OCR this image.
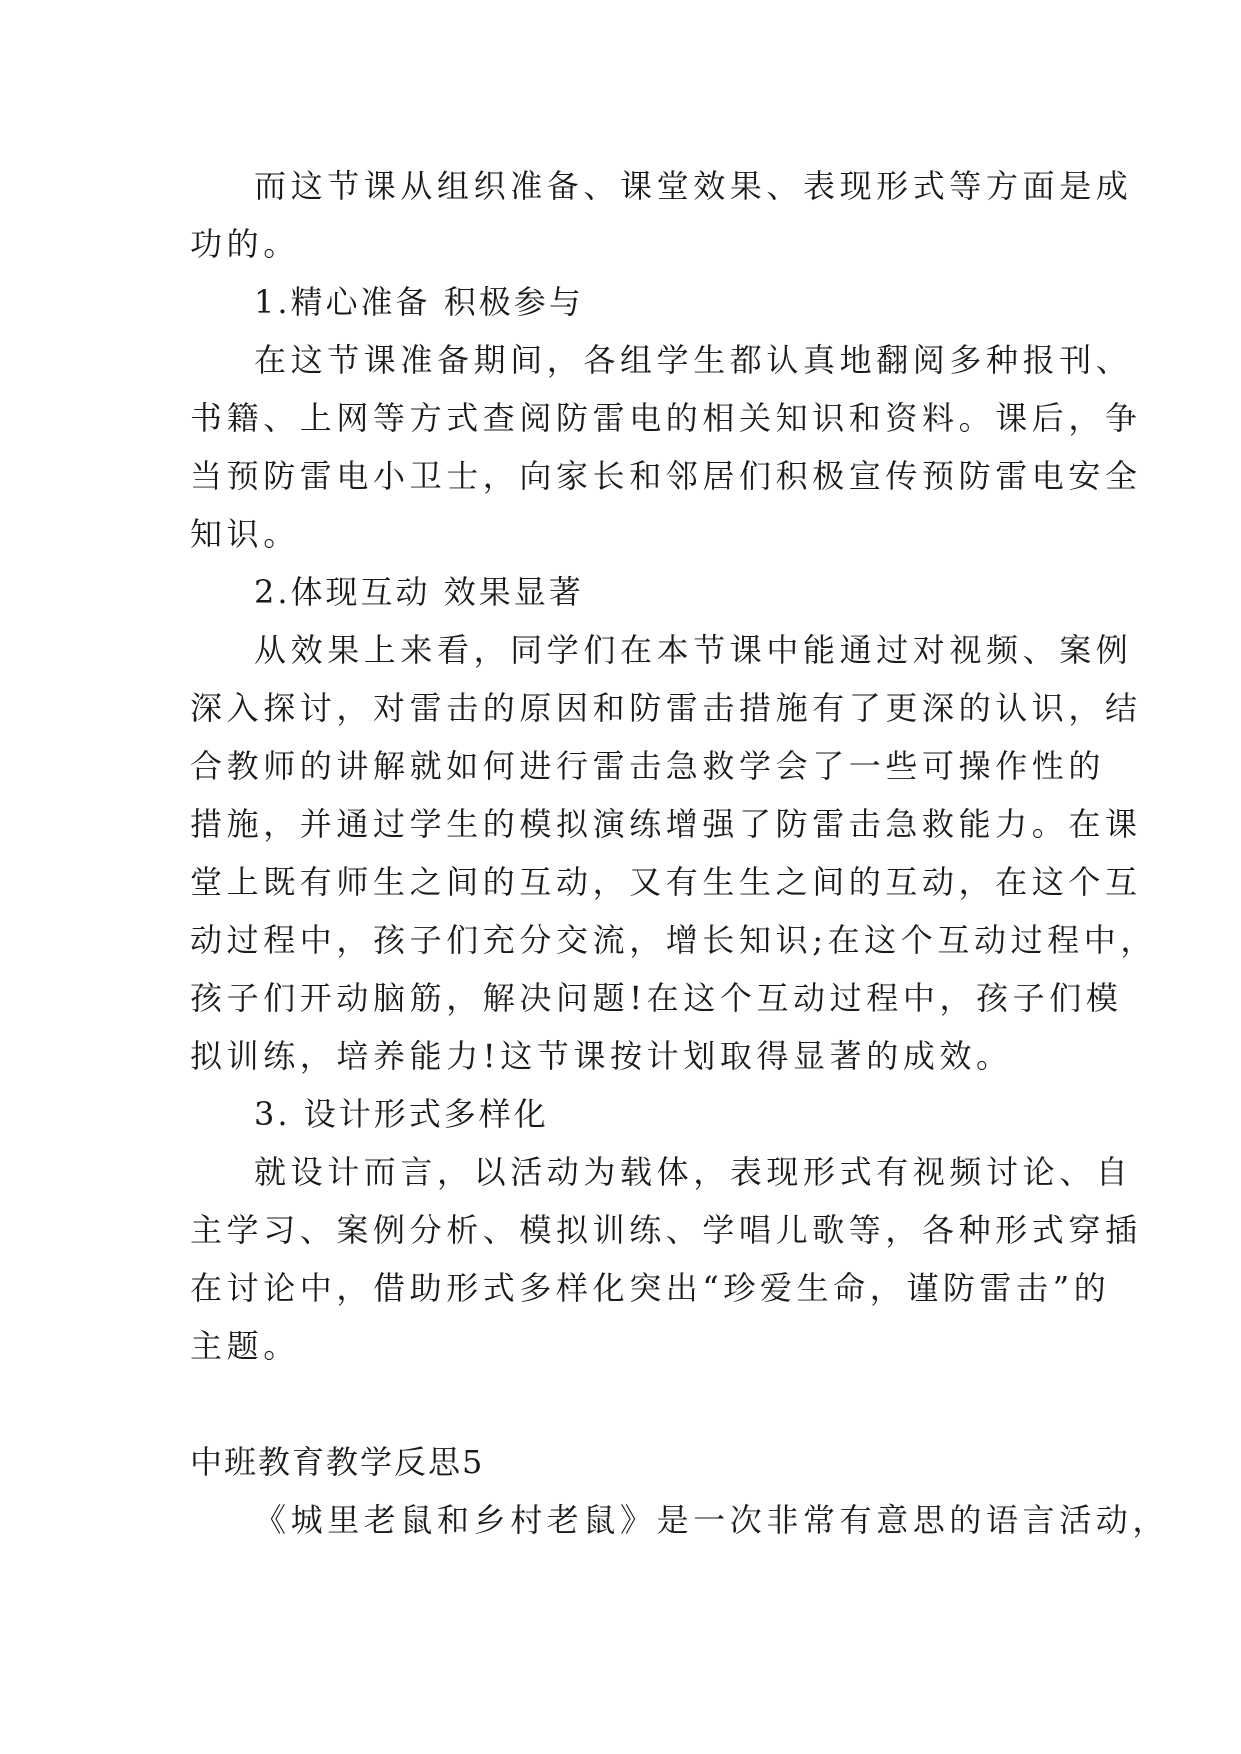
而这节课从组织准备、课堂效果、表现形式等方面是成
功的。
1.精心准备 积极参与
在这节课准备期间，各组学生都认真地翻阅多种报刊、
书籍、上网等方式查阅防雷电的相关知识和资料。课后，争
当预防雷电小卫士，向家长和邻居们积极宣传预防雷电安全
知识。
2.体现互动 效果显著
从效果上来看，同学们在本节课中能通过对视频、案例
深入探讨，对雷击的原因和防雷击措施有了更深的认识，结
合教师的讲解就如何进行雷击急救学会了一些可操作性的
措施，并通过学生的模拟演练增强了防雷击急救能力。在课
堂上既有师生之间的互动，又有生生之间的互动，在这个互
动过程中，孩子们充分交流，增长知识;在这个互动过程中，
孩子们开动脑筋，解决问题!在这个互动过程中，孩子们模
拟训练，培养能力!这节课按计划取得显著的成效。
3. 设计形式多样化
就设计而言，以活动为载体，表现形式有视频讨论、自
主学习、案例分析、模拟训练、学唱儿歌等，各种形式穿插
在讨论中，借助形式多样化突出“珍爱生命，谨防雷击”的
主题。
中班教育教学反思5
《城里老鼠和乡村老鼠》是一次非常有意思的语言活动，
